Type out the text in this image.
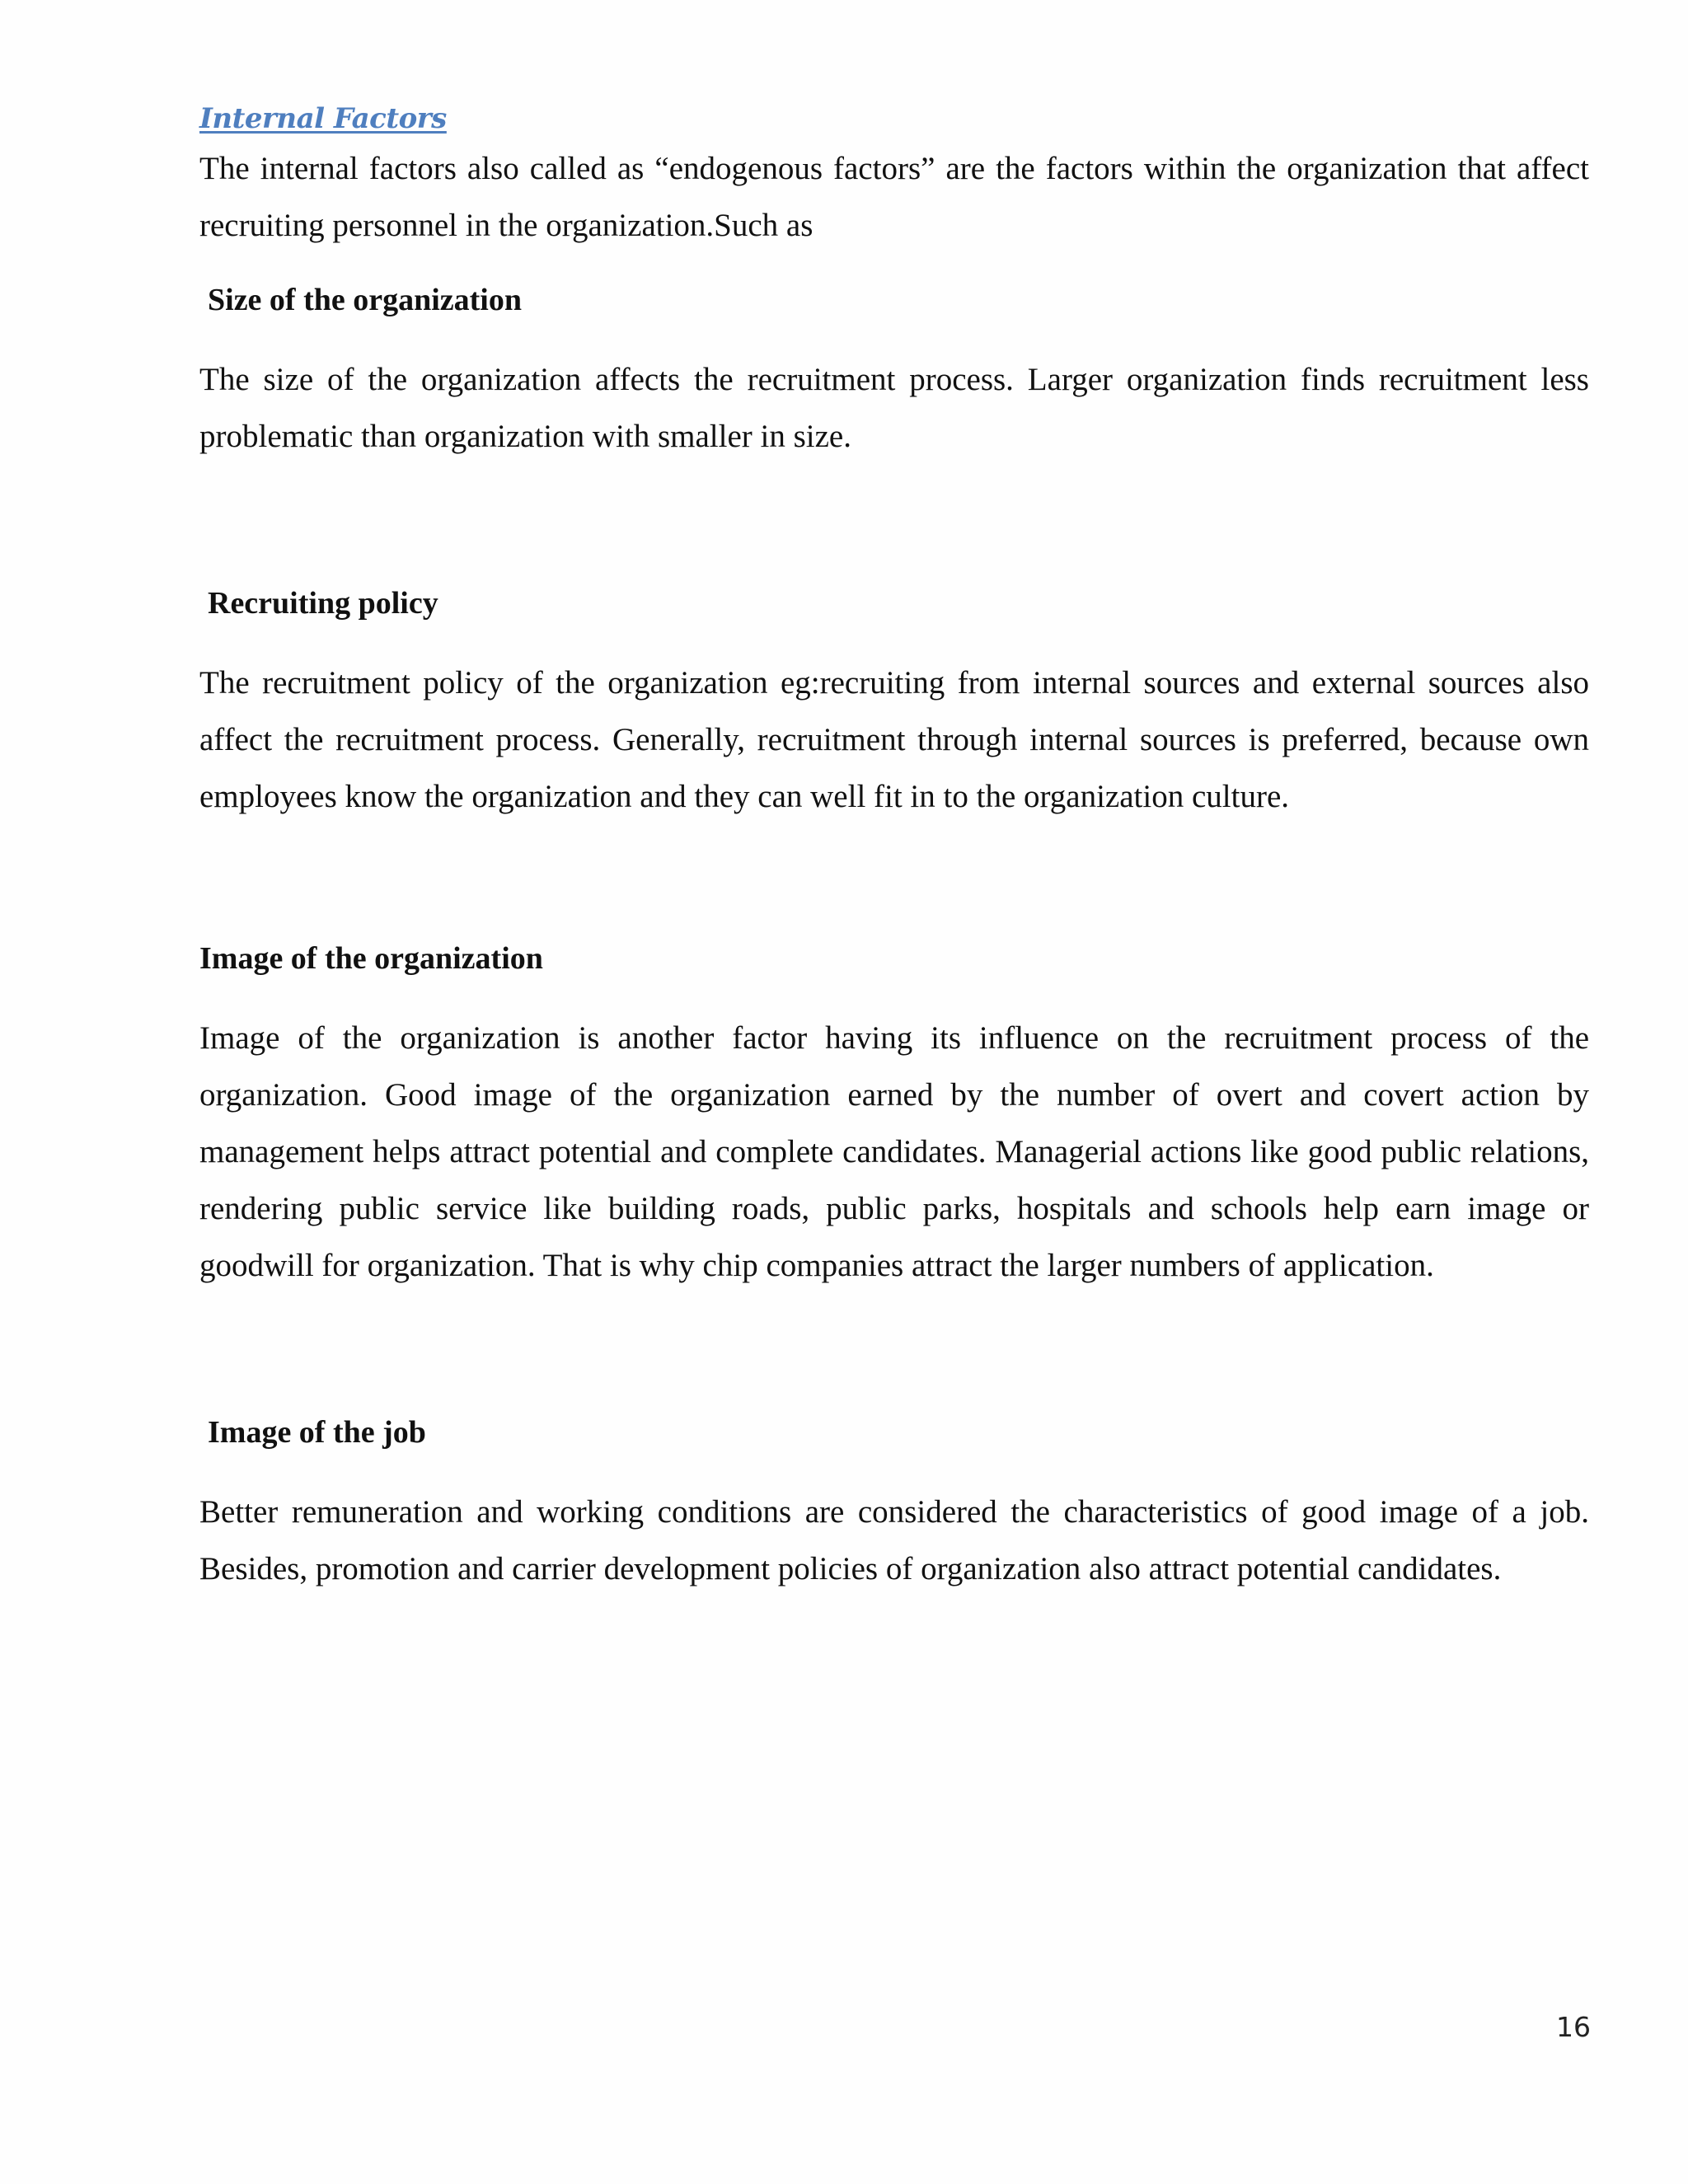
Internal Factors

The internal factors also called as “endogenous factors” are the factors within the organization that affect recruiting personnel in the organization.Such as

Size of the organization

The size of the organization affects the recruitment process. Larger organization finds recruitment less problematic than organization with smaller in size.

Recruiting policy

The recruitment policy of the organization eg:recruiting from internal sources and external sources also affect the recruitment process. Generally, recruitment through internal sources is preferred, because own employees know the organization and they can well fit in to the organization culture.

Image of the organization

Image of the organization is another factor having its influence on the recruitment process of the organization. Good image of the organization earned by the number of overt and covert action by management helps attract potential and complete candidates. Managerial actions like good public relations, rendering public service like building roads, public parks, hospitals and schools help earn image or goodwill for organization. That is why chip companies attract the larger numbers of application.

Image of the job

Better remuneration and working conditions are considered the characteristics of good image of a job. Besides, promotion and carrier development policies of organization also attract potential candidates.

16
